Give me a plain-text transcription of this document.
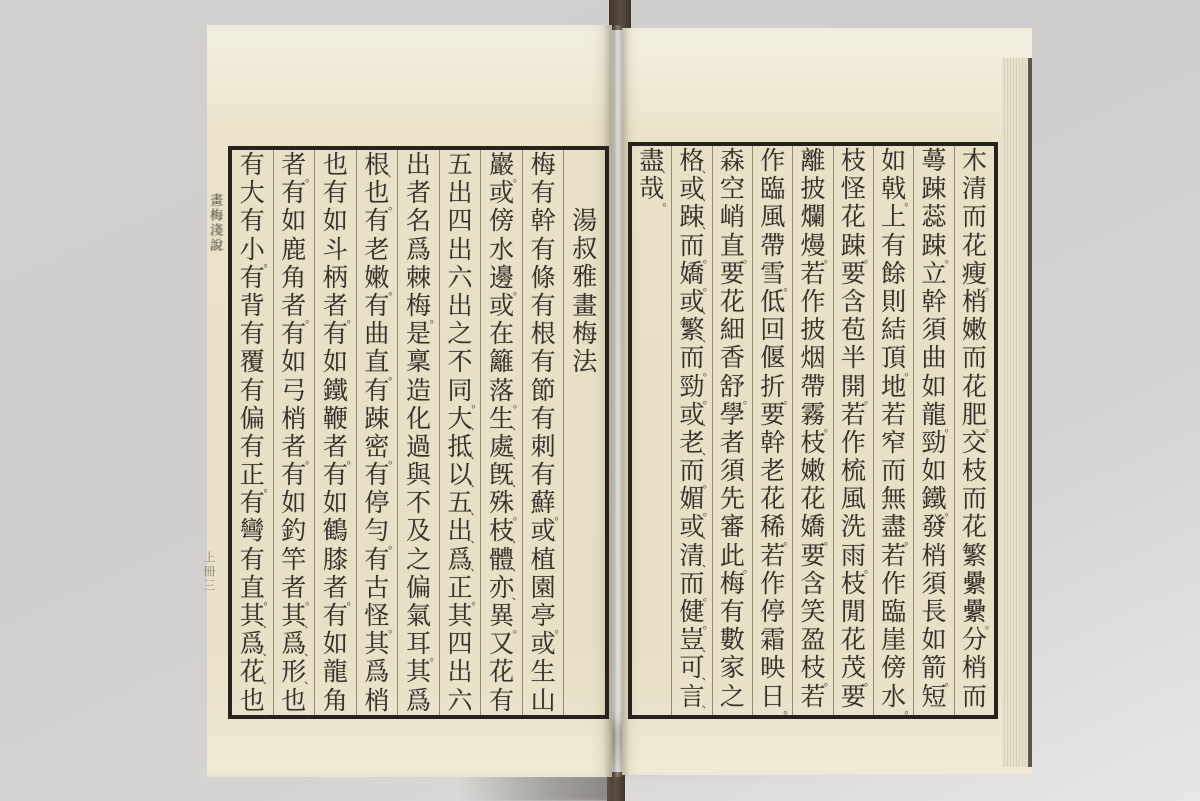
畫梅淺說
上冊三
木
清
而
花
瘦
。
梢
嫩
而
花
肥
。
交
枝
而
花
繁
纍
纍
。
分
梢
而
蕚
踈
蕊
踈
。
立
幹
須
曲
如
龍
。
勁
如
鐵
。
發
梢
須
長
如
箭
。
短
如
戟
。
上
有
餘
則
結
頂
。
地
若
窄
而
無
盡
。
若
作
臨
崖
傍
水
。
枝
怪
花
踈
。
要
含
苞
半
開
。
若
作
梳
風
洗
雨
。
枝
閒
花
茂
。
要
離
披
爛
熳
。
若
作
披
烟
帶
霧
。
枝
嫩
花
嬌
。
要
含
笑
盈
枝
。
若
作
臨
風
帶
雪
。
低
回
偃
折
。
要
幹
老
花
稀
。
若
作
停
霜
映
日
。
森
空
峭
直
。
要
花
細
香
舒
。
學
者
須
先
審
此
。
梅
有
數
家
之
格
、
或
、
踈
、
而
。
嬌
。
或
、
繁
、
而
。
勁
。
或
、
老
、
而
。
媚
。
或
、
清
、
而
。
健
。
豈
、
可
、
言
、
盡
、
哉
。
湯
叔
雅
畫
梅
法
梅
有
幹
有
條
有
根
有
節
有
刺
有
蘚
。
或
植
園
亭
。
或
生
山
巖
。
或
傍
水
邊
。
或
在
籬
落
。
生
、
處
、
旣
、
殊
。
枝
、
體
、
亦
、
異
。
又
花
有
五
出
四
出
六
出
之
不
同
。
大
、
抵
、
以
、
五
、
出
、
爲
、
正
。
其
四
出
六
出
者
名
爲
棘
梅
。
是
稟
造
化
過
與
不
及
之
偏
氣
耳
。
其
爲
根
、
也
。
有
老
嫩
。
有
曲
直
。
有
踈
密
。
有
停
勻
。
有
古
怪
。
其
爲
梢
也
有
如
斗
柄
者
。
有
如
鐵
鞭
者
。
有
如
鶴
膝
者
。
有
如
龍
角
者
。
有
如
鹿
角
者
。
有
如
弓
梢
者
。
有
如
釣
竿
者
。
其
、
爲
、
形
、
也
。
有
大
有
小
。
有
背
有
覆
有
偏
有
正
。
有
彎
有
直
。
其
、
爲
、
花
、
也
。
